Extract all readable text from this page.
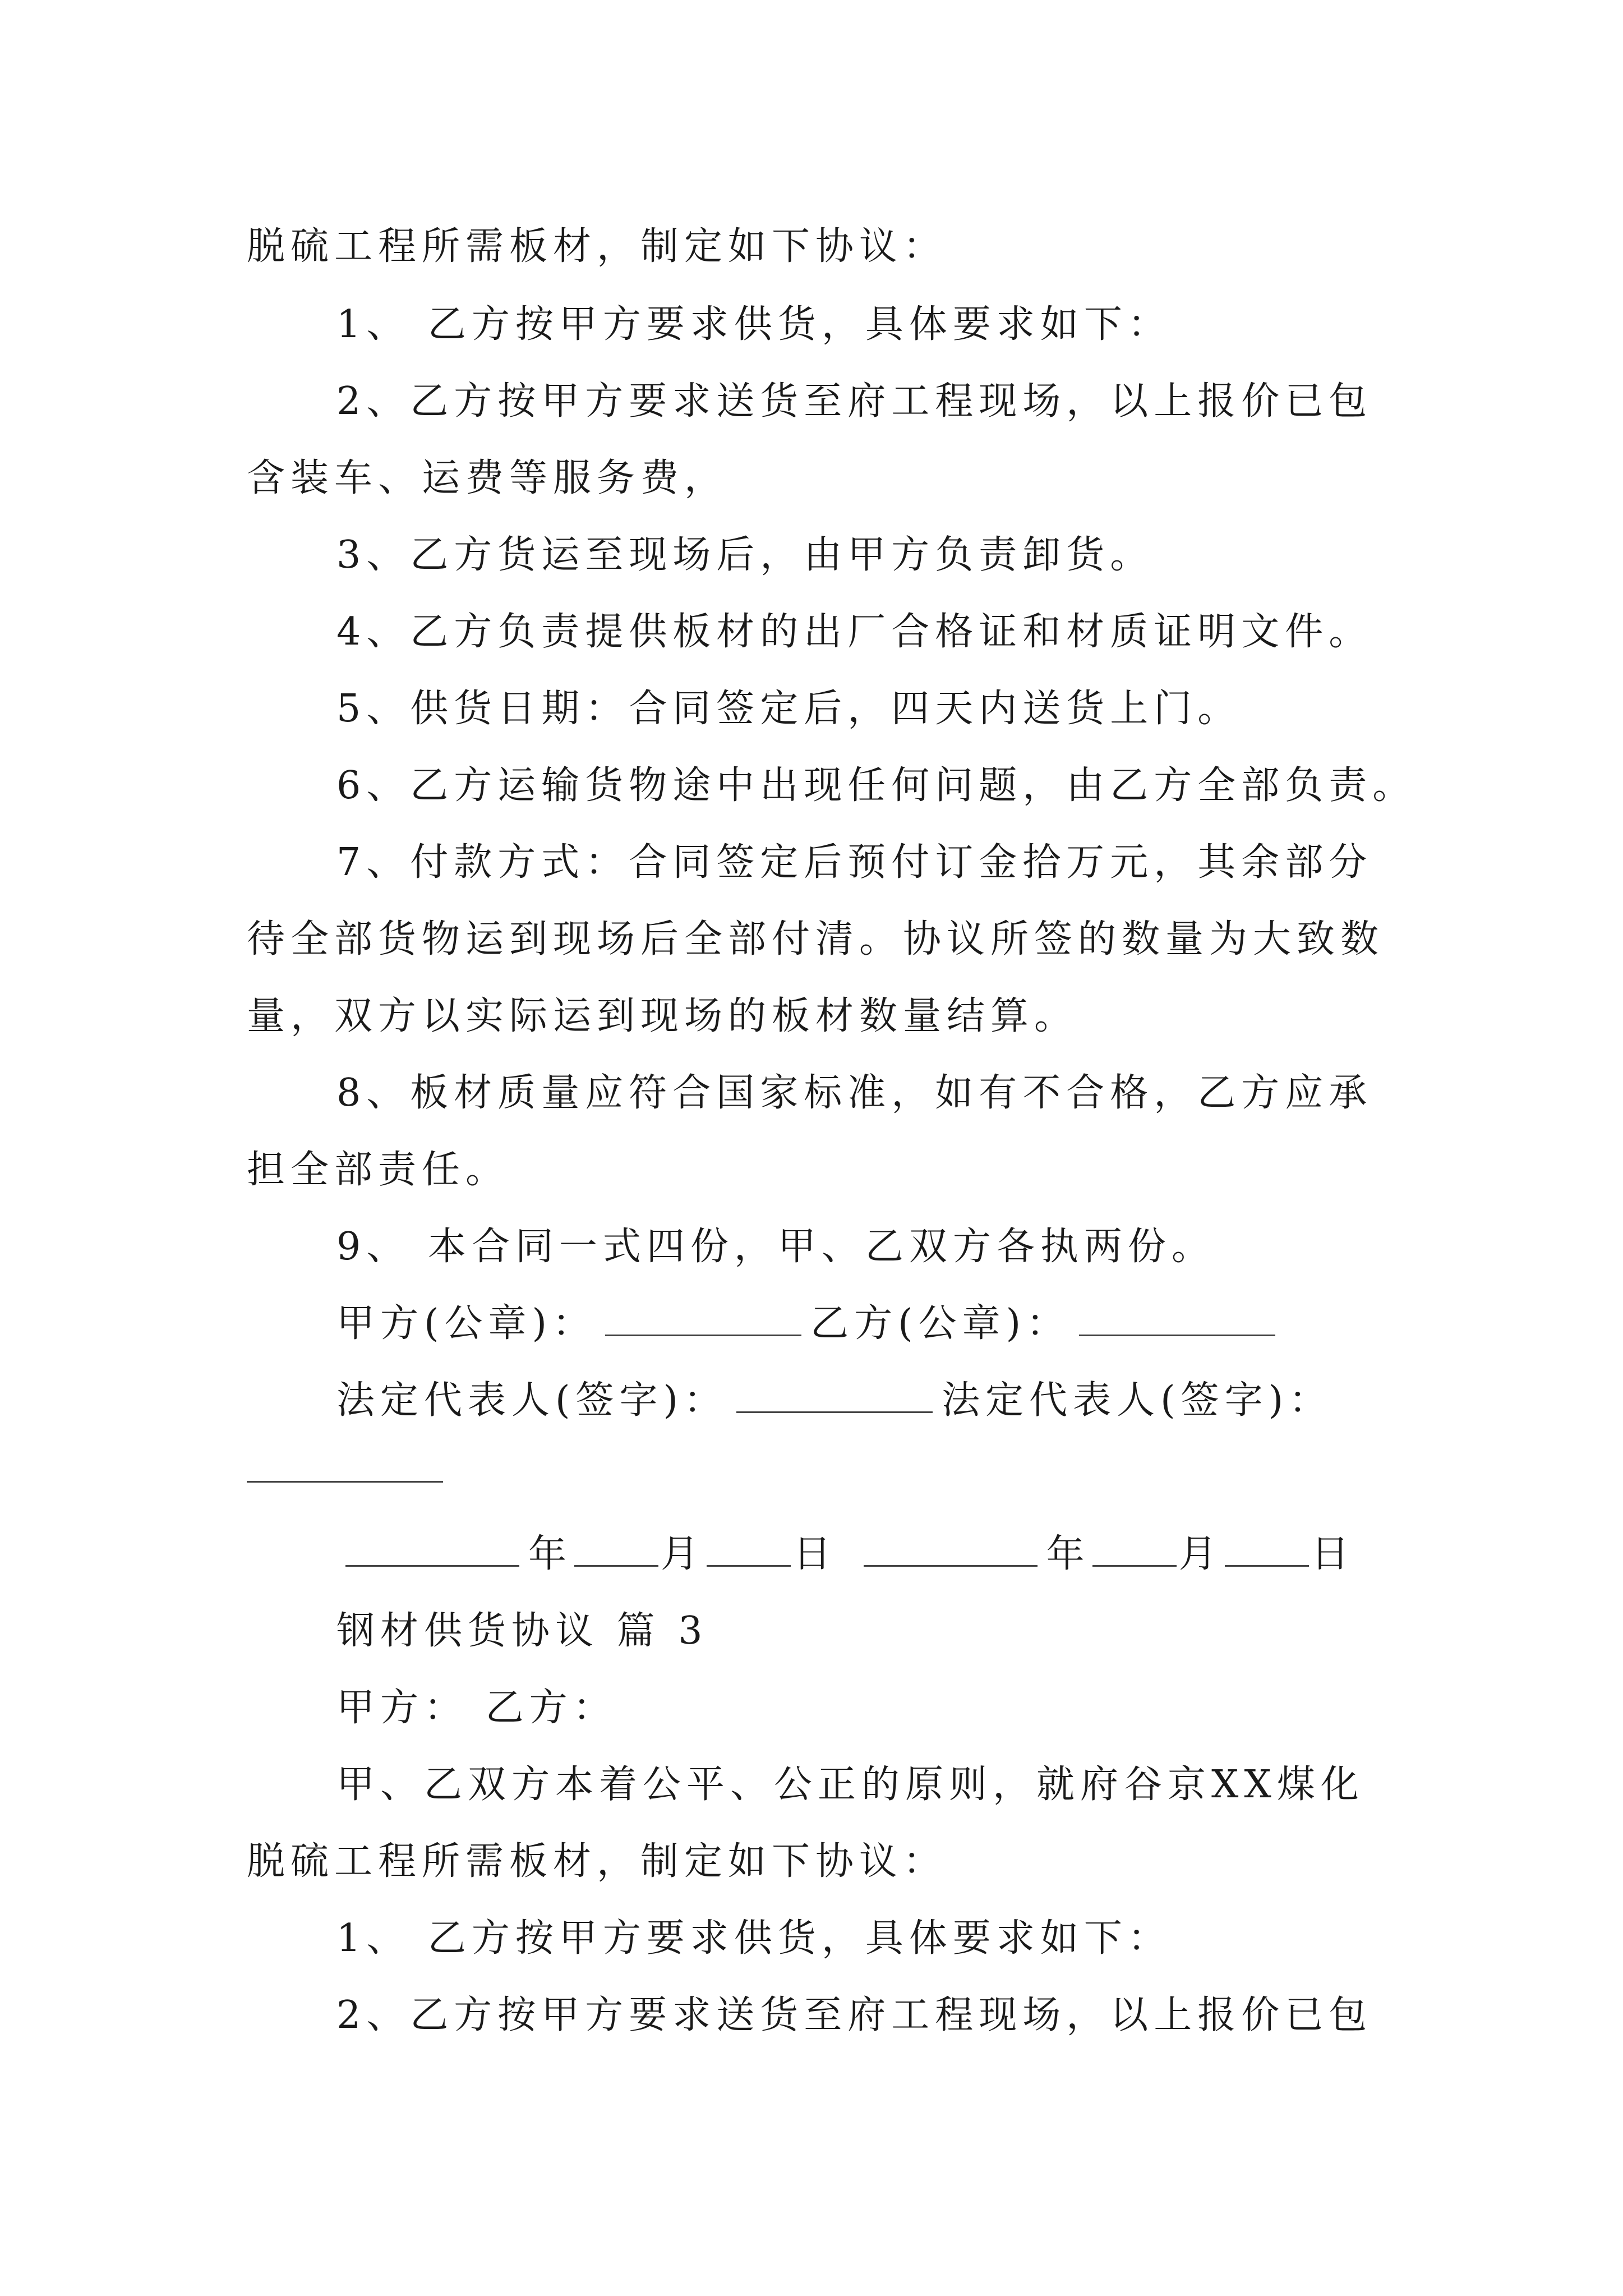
脱硫工程所需板材，制定如下协议：
1、 乙方按甲方要求供货，具体要求如下：
2、乙方按甲方要求送货至府工程现场，以上报价已包
含装车、运费等服务费，
3、乙方货运至现场后，由甲方负责卸货。
4、乙方负责提供板材的出厂合格证和材质证明文件。
5、供货日期：合同签定后，四天内送货上门。
6、乙方运输货物途中出现任何问题，由乙方全部负责。
7、付款方式：合同签定后预付订金拾万元，其余部分
待全部货物运到现场后全部付清。协议所签的数量为大致数
量，双方以实际运到现场的板材数量结算。
8、板材质量应符合国家标准，如有不合格，乙方应承
担全部责任。
9、 本合同一式四份，甲、乙双方各执两份。
甲方(公章)：	乙方(公章)：
法定代表人(签字)：	法定代表人(签字)：
年 月 日	年 月 日
钢材供货协议 篇 3
甲方： 乙方：
甲、乙双方本着公平、公正的原则，就府谷京XX煤化
脱硫工程所需板材，制定如下协议：
1、 乙方按甲方要求供货，具体要求如下：
2、乙方按甲方要求送货至府工程现场，以上报价已包
